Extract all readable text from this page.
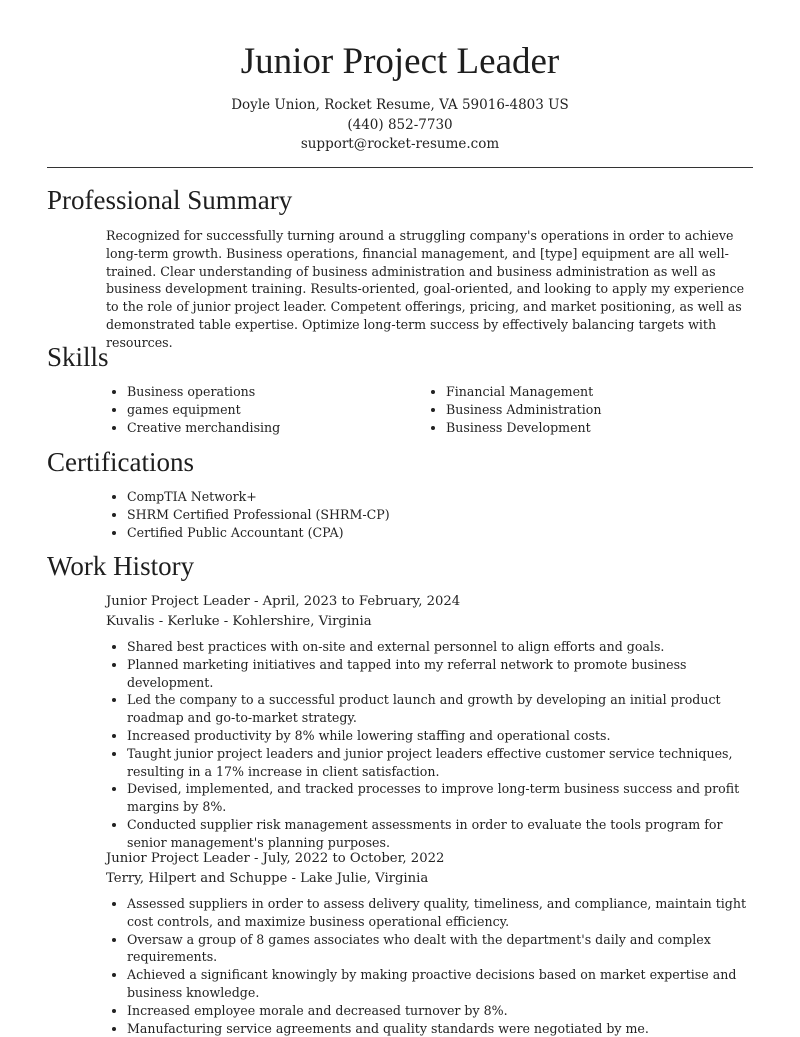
Junior Project Leader
Doyle Union, Rocket Resume, VA 59016-4803 US
(440) 852-7730
support@rocket-resume.com
Professional Summary

Recognized for successfully turning around a struggling company's operations in order to achieve long-term growth. Business operations, financial management, and [type] equipment are all well-trained. Clear understanding of business administration and business administration as well as business development training. Results-oriented, goal-oriented, and looking to apply my experience to the role of junior project leader. Competent offerings, pricing, and market positioning, as well as demonstrated table expertise. Optimize long-term success by effectively balancing targets with resources.

Skills
• Business operations
• games equipment
• Creative merchandising
• Financial Management
• Business Administration
• Business Development
Certifications
• CompTIA Network+
• SHRM Certified Professional (SHRM-CP)
• Certified Public Accountant (CPA)
Work History
Junior Project Leader - April, 2023 to February, 2024
Kuvalis - Kerluke - Kohlershire, Virginia
• Shared best practices with on-site and external personnel to align efforts and goals.
• Planned marketing initiatives and tapped into my referral network to promote business development.
• Led the company to a successful product launch and growth by developing an initial product roadmap and go-to-market strategy.
• Increased productivity by 8% while lowering staffing and operational costs.
• Taught junior project leaders and junior project leaders effective customer service techniques, resulting in a 17% increase in client satisfaction.
• Devised, implemented, and tracked processes to improve long-term business success and profit margins by 8%.
• Conducted supplier risk management assessments in order to evaluate the tools program for senior management's planning purposes.
Junior Project Leader - July, 2022 to October, 2022
Terry, Hilpert and Schuppe - Lake Julie, Virginia
• Assessed suppliers in order to assess delivery quality, timeliness, and compliance, maintain tight cost controls, and maximize business operational efficiency.
• Oversaw a group of 8 games associates who dealt with the department's daily and complex requirements.
• Achieved a significant knowingly by making proactive decisions based on market expertise and business knowledge.
• Increased employee morale and decreased turnover by 8%.
• Manufacturing service agreements and quality standards were negotiated by me.
